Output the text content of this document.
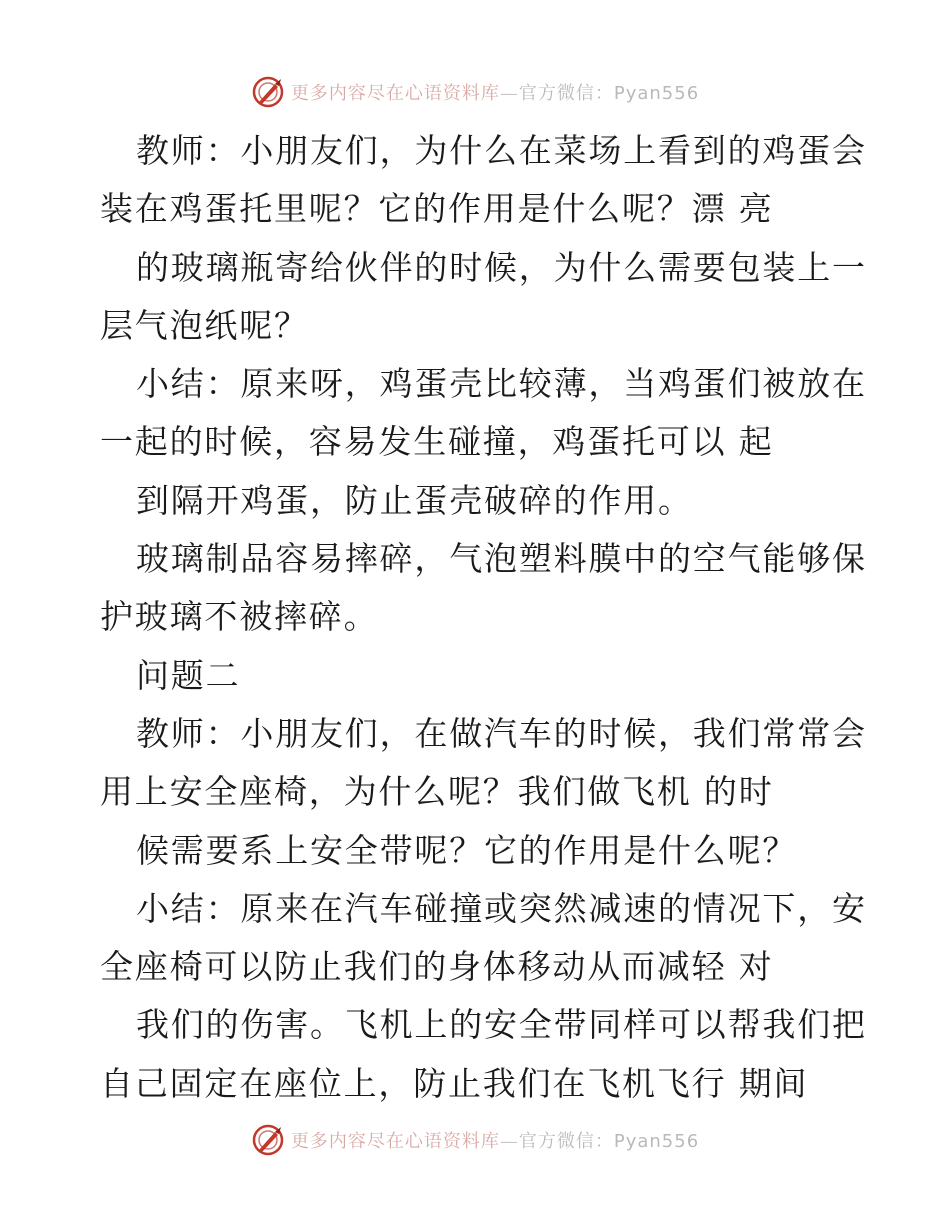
更多内容尽在心语资料库—官方微信：Pyan556
教师：小朋友们，为什么在菜场上看到的鸡蛋会
装在鸡蛋托里呢？它的作用是什么呢？漂 亮
的玻璃瓶寄给伙伴的时候，为什么需要包装上一
层气泡纸呢？
小结：原来呀，鸡蛋壳比较薄，当鸡蛋们被放在
一起的时候，容易发生碰撞，鸡蛋托可以 起
到隔开鸡蛋，防止蛋壳破碎的作用。
玻璃制品容易摔碎，气泡塑料膜中的空气能够保
护玻璃不被摔碎。
问题二
教师：小朋友们，在做汽车的时候，我们常常会
用上安全座椅，为什么呢？我们做飞机 的时
候需要系上安全带呢？它的作用是什么呢？
小结：原来在汽车碰撞或突然减速的情况下，安
全座椅可以防止我们的身体移动从而减轻 对
我们的伤害。飞机上的安全带同样可以帮我们把
自己固定在座位上，防止我们在飞机飞行 期间
更多内容尽在心语资料库—官方微信：Pyan556
